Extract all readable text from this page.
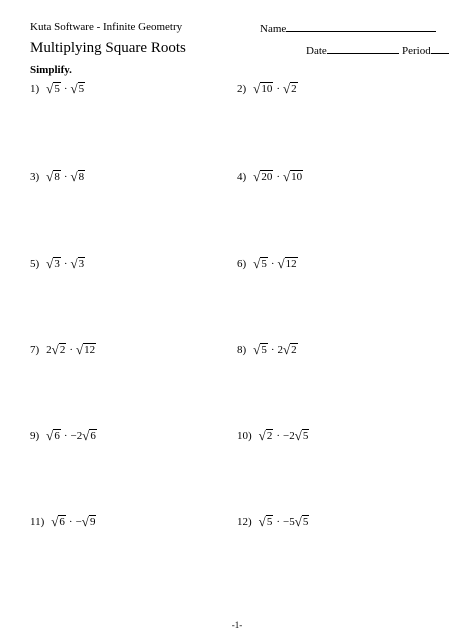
Kuta Software - Infinite Geometry	Name
Multiplying Square Roots	Date	Period
Simplify.
1) √ 5 · √ 5	2) √ 10 · √ 2
3) √ 8 · √ 8	4) √ 20 · √ 10
5) √ 3 · √ 3	6) √ 5 · √ 12
7) 2 √ 2 · √ 12	8) √ 5 · 2 √ 2
9) √ 6 · −2 √ 6	10) √ 2 · −2 √ 5
11) √ 6 · − √ 9	12) √ 5 · −5 √ 5
-1-
